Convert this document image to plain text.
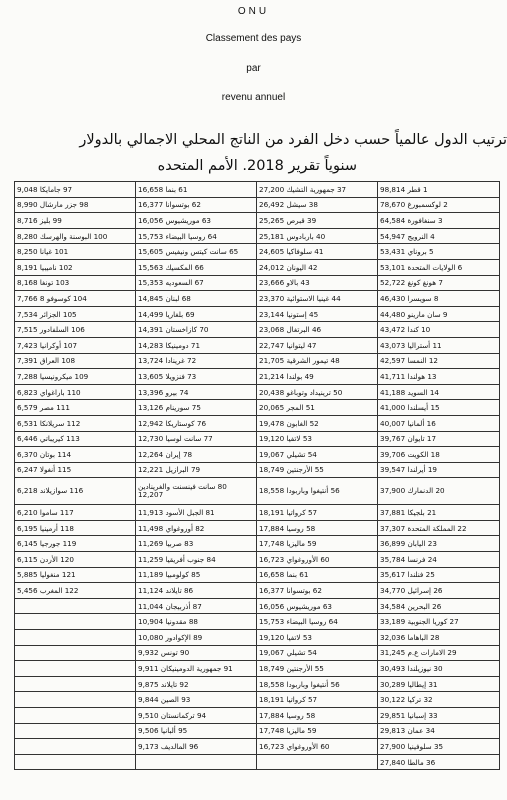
ONU
Classement des pays
par
revenu annuel
ترتيب الدول عالمياً حسب دخل الفرد من الناتج المحلي الاجمالي بالدولار
سنوياً تقرير 2018. الأمم المتحده
97 جامايكا 9,048	61 بنما 16,658	37 جمهورية التشيك 27,200	1 قطر 98,814
98 جزر مارشال 8,990	62 بوتسوانا 16,377	38 سيشل 26,492	2 لوكسمبورغ 78,670
99 بليز 8,716	63 موريشيوس 16,056	39 قبرص 25,265	3 سنغافورة 64,584
100 البوسنة والهرسك 8,280	64 روسيا البيضاء 15,753	40 باربادوس 25,181	4 النرويج 54,947
101 غيانا 8,250	65 سانت كيتس ونيفيس 15,605	41 سلوفاكيا 24,605	5 بروناي 53,431
102 ناميبيا 8,191	66 المكسيك 15,563	42 اليونان 24,012	6 الولايات المتحدة 53,101
103 تونغا 8,168	67 السعوديه 15,353	43 بالاو 23,666	7 هونغ كونغ 52,722
104 كوسوفو 8 7,766	68 لبنان 14,845	44 غينيا الاستوائية 23,370	8 سويسرا 46,430
105 الجزائر 7,534	69 بلغاريا 14,499	45 إستونيا 23,144	9 سان مارينو 44,480
106 السلفادور 7,515	70 كازاخستان 14,391	46 البرتغال 23,068	10 كندا 43,472
107 أوكرانيا 7,423	71 دومينيكا 14,283	47 ليتوانيا 22,747	11 أستراليا 43,073
108 العراق 7,391	72 غرينادا 13,724	48 تيمور الشرقية 21,705	12 النمسا 42,597
109 ميكرونيسيا 7,288	73 فنزويلا 13,605	49 بولندا 21,214	13 هولندا 41,711
110 باراغواي 6,823	74 بيرو 13,396	50 ترينيداد وتوباغو 20,438	14 السويد 41,188
111 مصر 6,579	75 سورينام 13,126	51 المجر 20,065	15 أيسلندا 41,000
112 سريلانكا 6,531	76 كوستاريكا 12,942	52 الغابون 19,478	16 ألمانيا 40,007
113 كيريباتي 6,446	77 سانت لوسيا 12,730	53 لاتفيا 19,120	17 تايوان 39,767
114 بوتان 6,370	78 إيران 12,264	54 تشيلي 19,067	18 الكويت 39,706
115 أنغولا 6,247	79 البرازيل 12,221	55 الأرجنتين 18,749	19 أيرلندا 39,547
116 سوازيلاند 6,218	80 سانت فينسنت والغرينادين 12,207	56 أنتيغوا وباربودا 18,558	20 الدنمارك 37,900
117 ساموا 6,210	81 الجبل الأسود 11,913	57 كرواتيا 18,191	21 بلجيكا 37,881
118 أرمينيا 6,195	82 أوروغواي 11,498	58 روسيا 17,884	22 المملكة المتحدة 37,307
119 جورجيا 6,145	83 صربيا 11,269	59 ماليزيا 17,748	23 اليابان 36,899
120 الأردن 6,115	84 جنوب أفريقيا 11,259	60 الأوروغواي 16,723	24 فرنسا 35,784
121 منغوليا 5,885	85 كولومبيا 11,189	61 بنما 16,658	25 فنلندا 35,617
122 المغرب 5,456	86 تايلاند 11,124	62 بوتسوانا 16,377	26 إسرائيل 34,770
	87 أذربيجان 11,044	63 موريشيوس 16,056	26 البحرين 34,584
	88 مقدونيا 10,904	64 روسيا البيضاء 15,753	27 كوريا الجنوبية 33,189
	89 الإكوادور 10,080	53 لاتفيا 19,120	28 الباهاما 32,036
	90 تونس 9,932	54 تشيلي 19,067	29 الامارات ع.م 31,245
	91 جمهورية الدومينيكان 9,911	55 الأرجنتين 18,749	30 نيوزيلندا 30,493
	92 تايلاند 9,875	56 أنتيغوا وباربودا 18,558	31 إيطاليا 30,289
	93 الصين 9,844	57 كرواتيا 18,191	32 تركيا 30,122
	94 تركمانستان 9,510	58 روسيا 17,884	33 إسبانيا 29,851
	95 ألبانيا 9,506	59 ماليزيا 17,748	34 عمان 29,813
	96 المالديف 9,173	60 الأوروغواي 16,723	35 سلوفينيا 27,900
			36 مالطا 27,840
